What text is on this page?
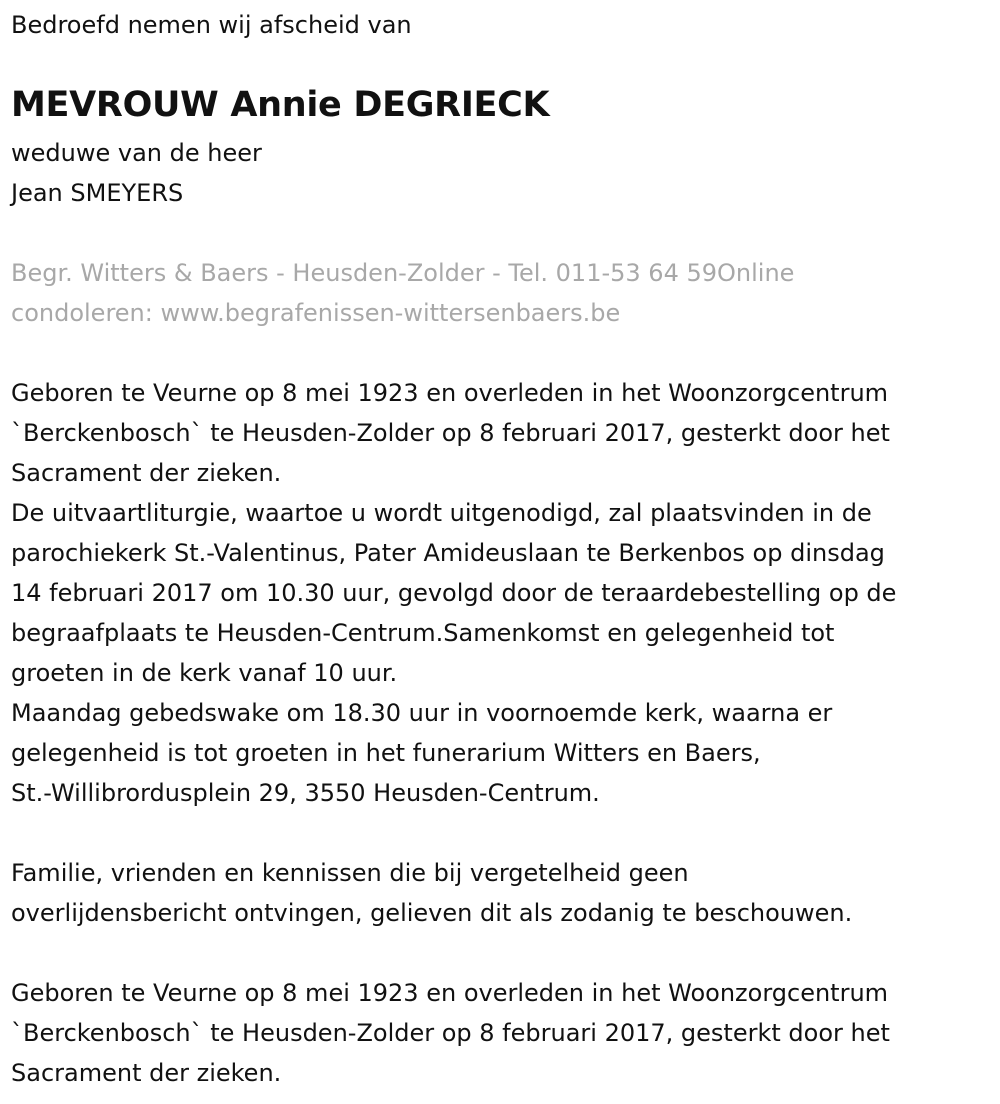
Bedroefd nemen wij afscheid van
MEVROUW Annie DEGRIECK
weduwe van de heer
Jean SMEYERS
Begr. Witters & Baers - Heusden-Zolder - Tel. 011-53 64 59Online
condoleren: www.begrafenissen-wittersenbaers.be
Geboren te Veurne op 8 mei 1923 en overleden in het Woonzorgcentrum
`Berckenbosch` te Heusden-Zolder op 8 februari 2017, gesterkt door het
Sacrament der zieken.
De uitvaartliturgie, waartoe u wordt uitgenodigd, zal plaatsvinden in de
parochiekerk St.-Valentinus, Pater Amideuslaan te Berkenbos op dinsdag
14 februari 2017 om 10.30 uur, gevolgd door de teraardebestelling op de
begraafplaats te Heusden-Centrum.Samenkomst en gelegenheid tot
groeten in de kerk vanaf 10 uur.
Maandag gebedswake om 18.30 uur in voornoemde kerk, waarna er
gelegenheid is tot groeten in het funerarium Witters en Baers,
St.-Willibrordusplein 29, 3550 Heusden-Centrum.
Familie, vrienden en kennissen die bij vergetelheid geen
overlijdensbericht ontvingen, gelieven dit als zodanig te beschouwen.
Geboren te Veurne op 8 mei 1923 en overleden in het Woonzorgcentrum
`Berckenbosch` te Heusden-Zolder op 8 februari 2017, gesterkt door het
Sacrament der zieken.
